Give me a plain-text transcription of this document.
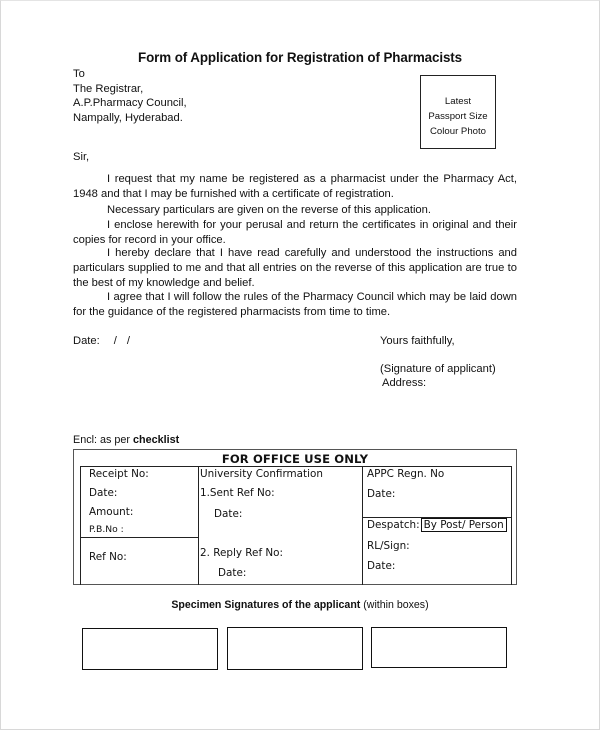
Form of Application for Registration of Pharmacists
To
The Registrar,
A.P.Pharmacy Council,
Nampally, Hyderabad.
Latest
Passport Size
Colour Photo
Sir,
I request that my name be registered as a pharmacist under the Pharmacy Act, 1948 and that I may be furnished with a certificate of registration.
Necessary particulars are given on the reverse of this application.
I enclose herewith for your perusal and return the certificates in original and their copies for record in your office.
I hereby declare that I have read carefully and understood the instructions and particulars supplied to me and that all entries on the reverse of this application are true to the best of my knowledge and belief.
I agree that I will follow the rules of the Pharmacy Council which may be laid down for the guidance of the registered pharmacists from time to time.
Date: / /	Yours faithfully,
(Signature of applicant)
Address:
Encl: as per checklist
FOR OFFICE USE ONLY
Receipt No:
Date:
Amount:
P.B.No :
Ref No:
University Confirmation
1.Sent Ref No:
Date:
2. Reply Ref No:
Date:
APPC Regn. No
Date:
Despatch: By Post/ Person
RL/Sign:
Date:
Specimen Signatures of the applicant (within boxes)
